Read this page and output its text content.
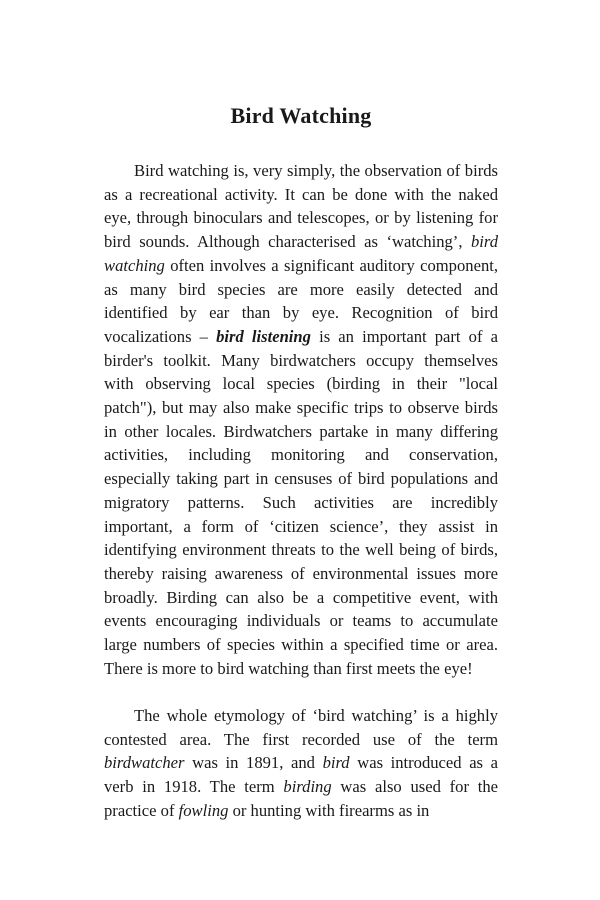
Bird Watching

Bird watching is, very simply, the observation of birds as a recreational activity. It can be done with the naked eye, through binoculars and telescopes, or by listening for bird sounds. Although characterised as ‘watching’, bird watching often involves a significant auditory component, as many bird species are more easily detected and identified by ear than by eye. Recognition of bird vocalizations – bird listening is an important part of a birder's toolkit. Many birdwatchers occupy themselves with observing local species (birding in their "local patch"), but may also make specific trips to observe birds in other locales. Birdwatchers partake in many differing activities, including monitoring and conservation, especially taking part in censuses of bird populations and migratory patterns. Such activities are incredibly important, a form of ‘citizen science’, they assist in identifying environment threats to the well being of birds, thereby raising awareness of environmental issues more broadly. Birding can also be a competitive event, with events encouraging individuals or teams to accumulate large numbers of species within a specified time or area. There is more to bird watching than first meets the eye!

The whole etymology of ‘bird watching’ is a highly contested area. The first recorded use of the term birdwatcher was in 1891, and bird was introduced as a verb in 1918. The term birding was also used for the practice of fowling or hunting with firearms as in
